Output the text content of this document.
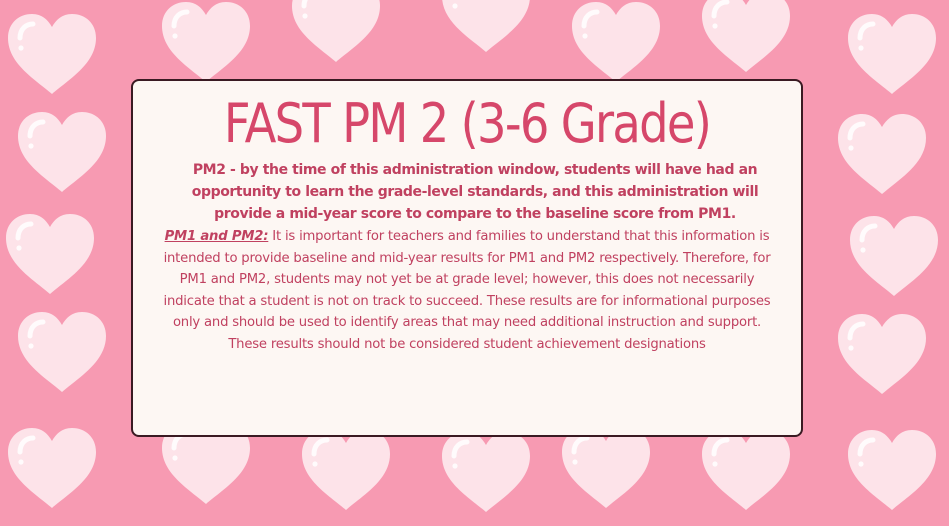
FAST PM 2 (3-6 Grade)

PM2 - by the time of this administration window, students will have had an opportunity to learn the grade-level standards, and this administration will provide a mid-year score to compare to the baseline score from PM1.

PM1 and PM2: It is important for teachers and families to understand that this information is intended to provide baseline and mid-year results for PM1 and PM2 respectively. Therefore, for PM1 and PM2, students may not yet be at grade level; however, this does not necessarily indicate that a student is not on track to succeed. These results are for informational purposes only and should be used to identify areas that may need additional instruction and support. These results should not be considered student achievement designations
